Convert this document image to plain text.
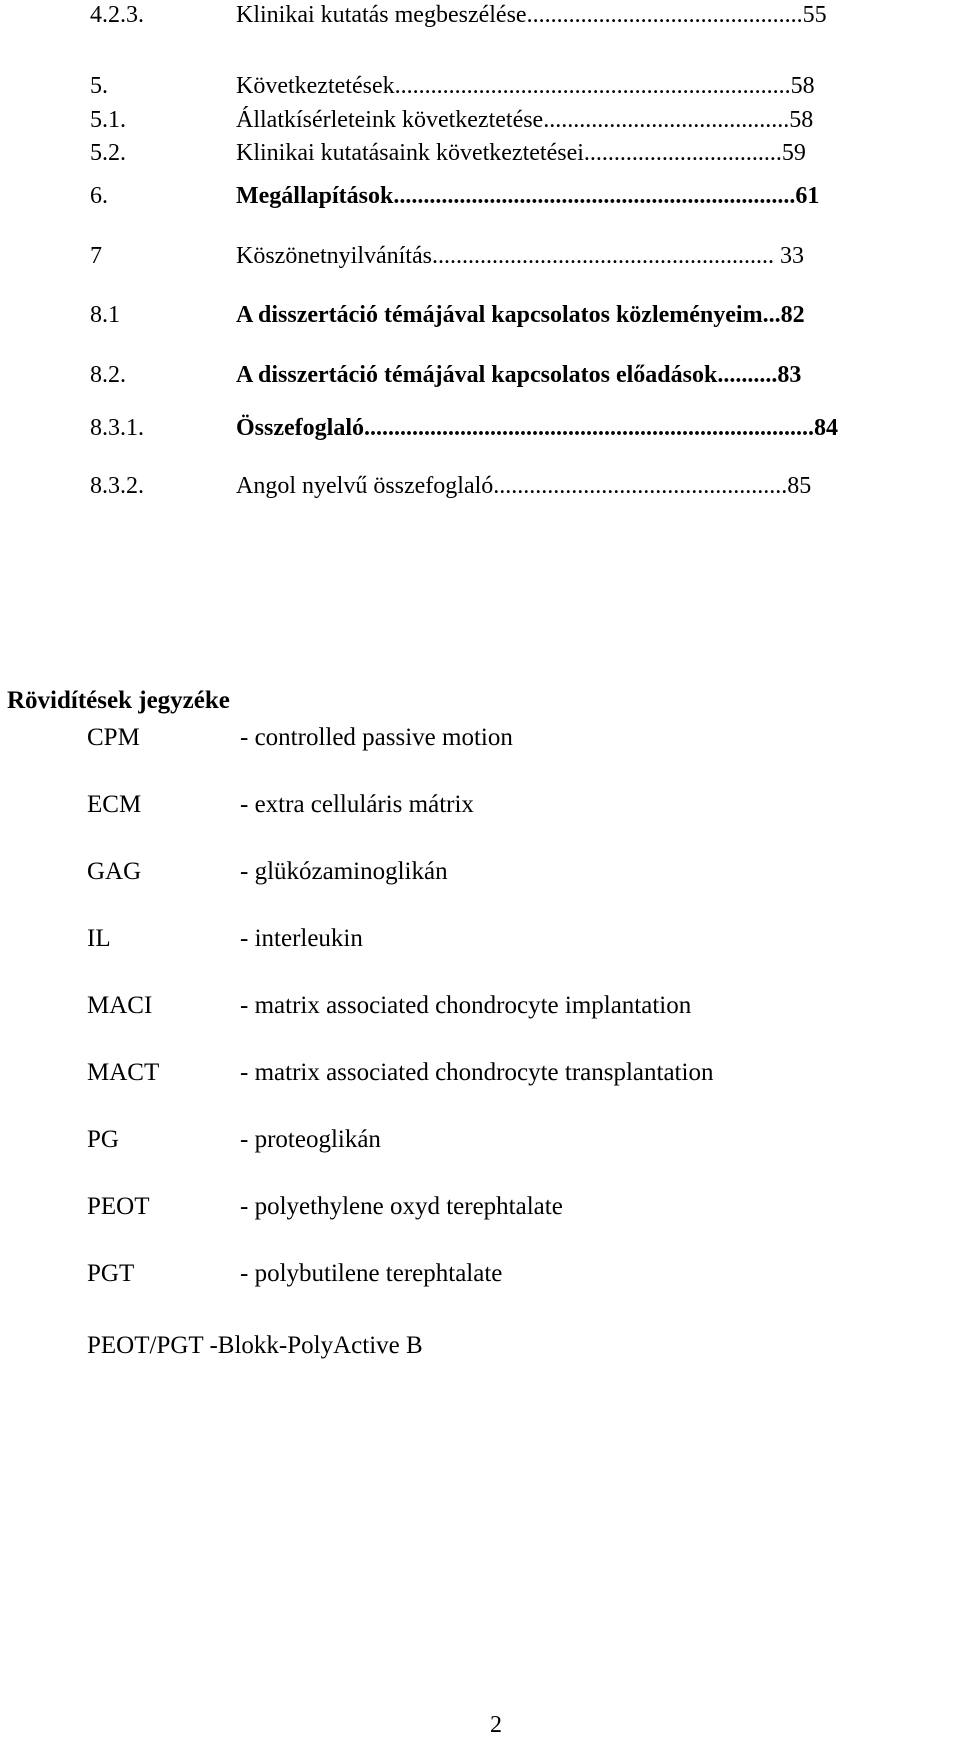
4.2.3.	Klinikai kutatás megbeszélése..............................................55
5.	Következtetések..................................................................58
5.1.	Állatkísérleteink következtetése.........................................58
5.2.	Klinikai kutatásaink következtetései.................................59
6.	Megállapítások...................................................................61
7	Köszönetnyilvánítás......................................................... 33
8.1	A disszertáció témájával kapcsolatos közleményeim...82
8.2.	A disszertáció témájával kapcsolatos előadások..........83
8.3.1.	Összefoglaló...........................................................................84
8.3.2.	Angol nyelvű összefoglaló.................................................85
Rövidítések jegyzéke
CPM	- controlled passive motion
ECM	- extra celluláris mátrix
GAG	- glükózaminoglikán
IL	- interleukin
MACI	- matrix associated chondrocyte implantation
MACT	- matrix associated chondrocyte transplantation
PG	- proteoglikán
PEOT	- polyethylene oxyd terephtalate
PGT	- polybutilene terephtalate
PEOT/PGT -Blokk-PolyActive B
2
